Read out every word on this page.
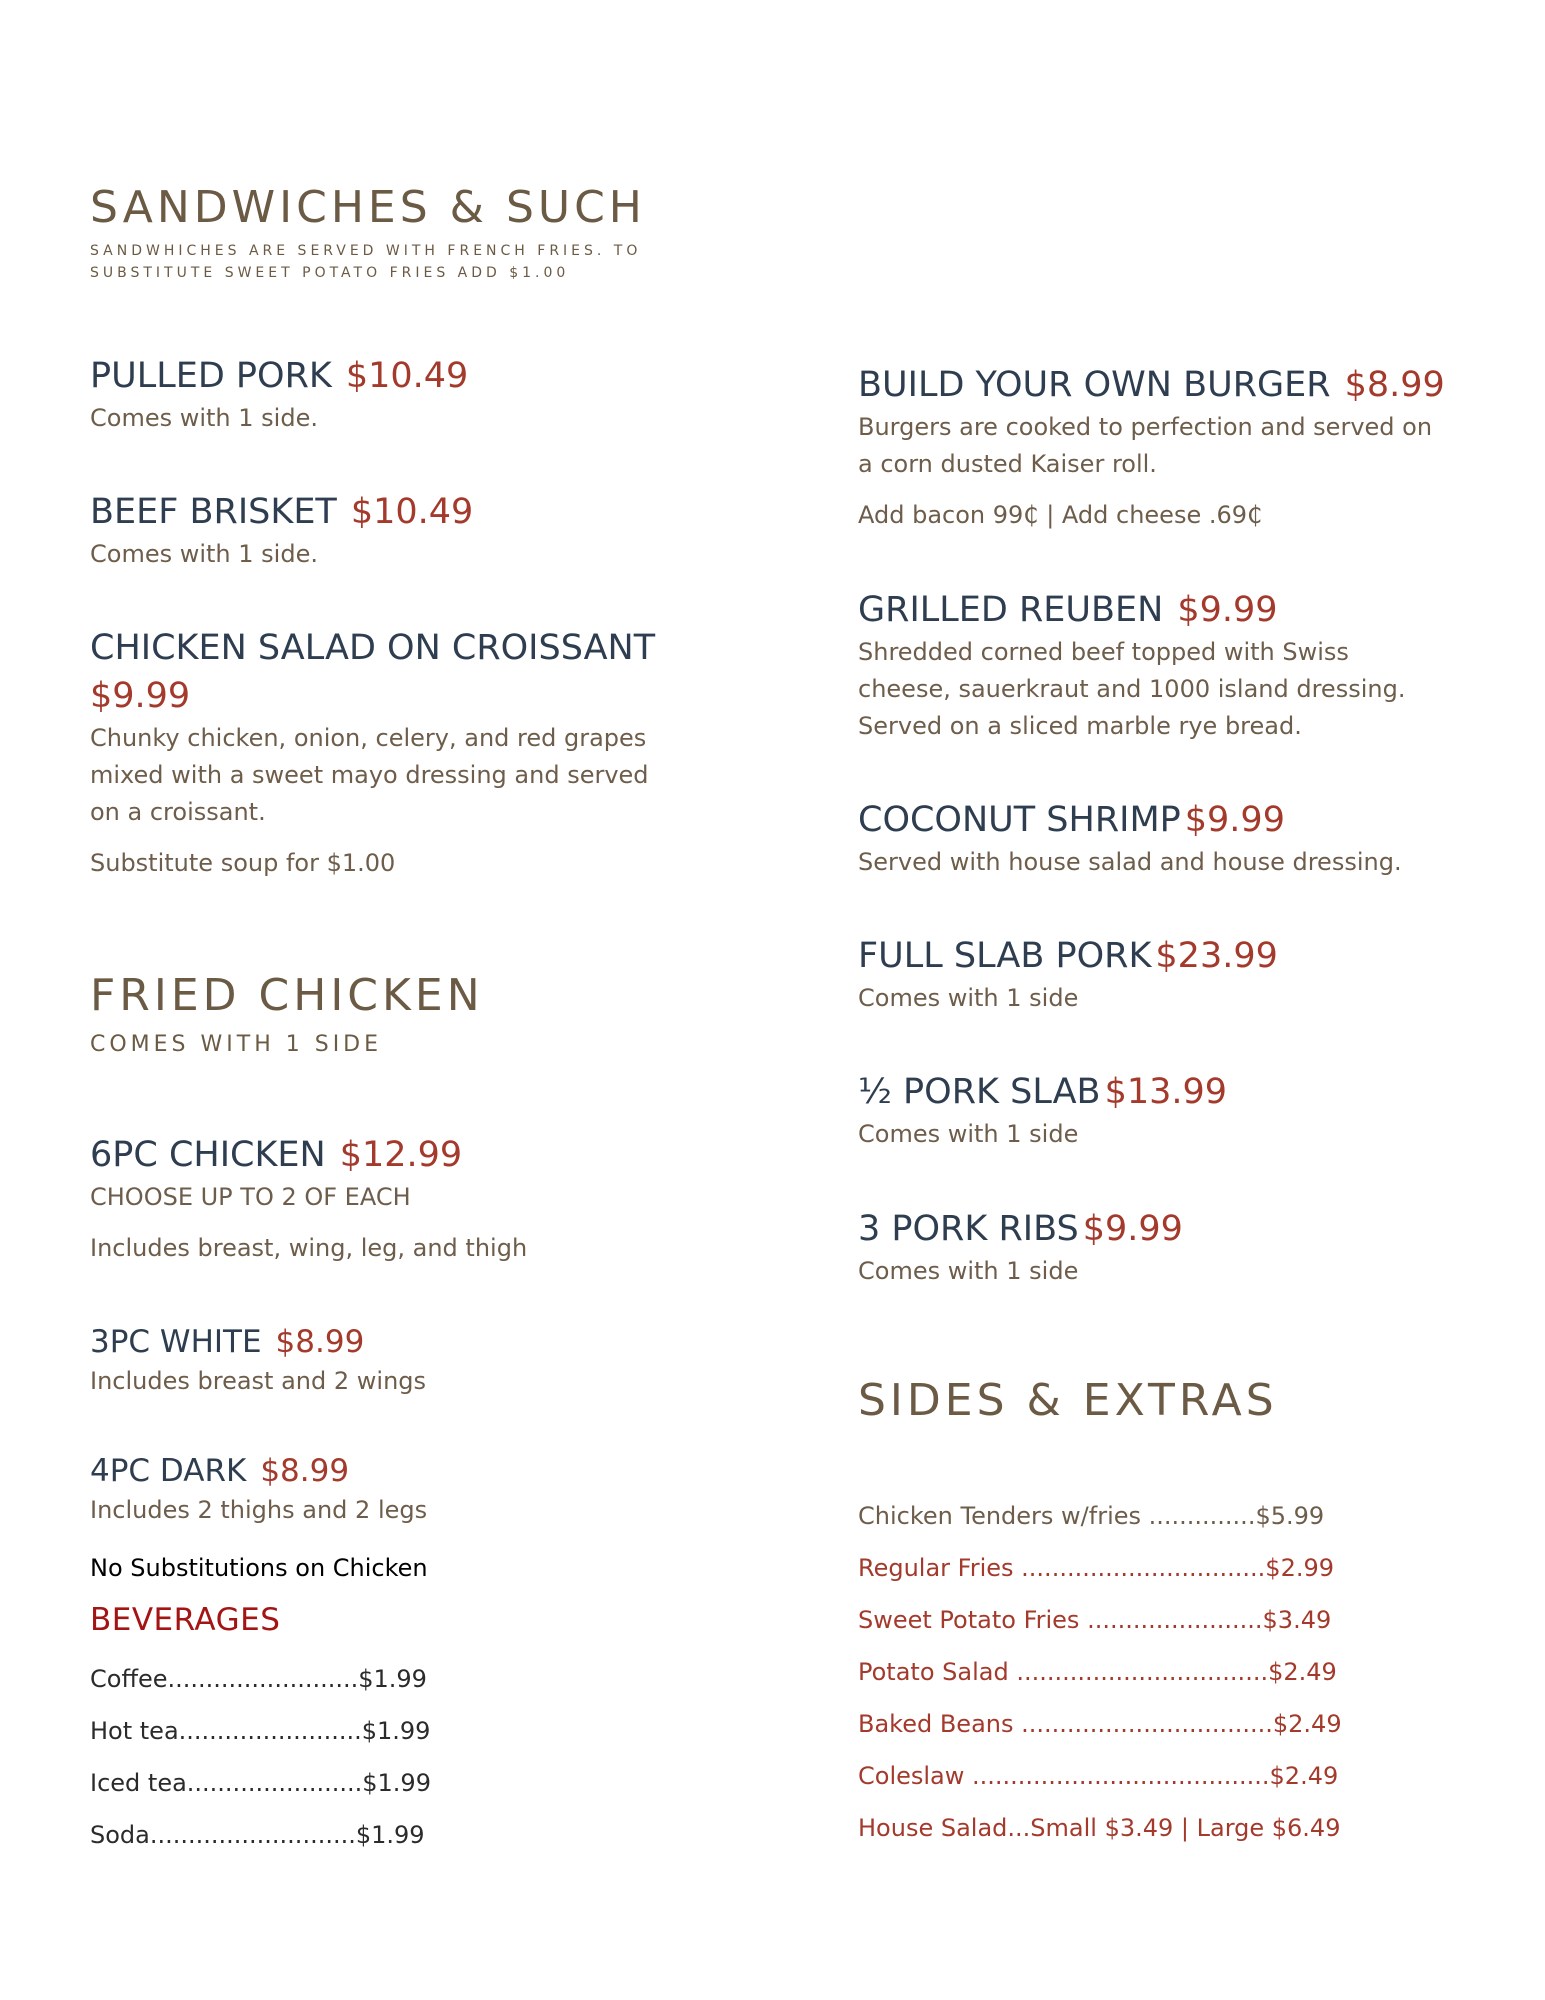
SANDWICHES & SUCH
SANDWHICHES ARE SERVED WITH FRENCH FRIES. TO
SUBSTITUTE SWEET POTATO FRIES ADD $1.00
PULLED PORK $10.49
Comes with 1 side.
BEEF BRISKET $10.49
Comes with 1 side.
CHICKEN SALAD ON CROISSANT
$9.99
Chunky chicken, onion, celery, and red grapes
mixed with a sweet mayo dressing and served
on a croissant.
Substitute soup for $1.00
FRIED CHICKEN
COMES WITH 1 SIDE
6PC CHICKEN $12.99
CHOOSE UP TO 2 OF EACH
Includes breast, wing, leg, and thigh
3PC WHITE $8.99
Includes breast and 2 wings
4PC DARK $8.99
Includes 2 thighs and 2 legs
No Substitutions on Chicken
BEVERAGES
Coffee.........................$1.99
Hot tea........................$1.99
Iced tea.......................$1.99
Soda...........................$1.99
BUILD YOUR OWN BURGER $8.99
Burgers are cooked to perfection and served on
a corn dusted Kaiser roll.
Add bacon 99₵ | Add cheese .69₵
GRILLED REUBEN $9.99
Shredded corned beef topped with Swiss
cheese, sauerkraut and 1000 island dressing.
Served on a sliced marble rye bread.
COCONUT SHRIMP $9.99
Served with house salad and house dressing.
FULL SLAB PORK $23.99
Comes with 1 side
½ PORK SLAB $13.99
Comes with 1 side
3 PORK RIBS $9.99
Comes with 1 side
SIDES & EXTRAS
Chicken Tenders w/fries ..............$5.99
Regular Fries ................................$2.99
Sweet Potato Fries .......................$3.49
Potato Salad .................................$2.49
Baked Beans .................................$2.49
Coleslaw .......................................$2.49
House Salad...Small $3.49 | Large $6.49
